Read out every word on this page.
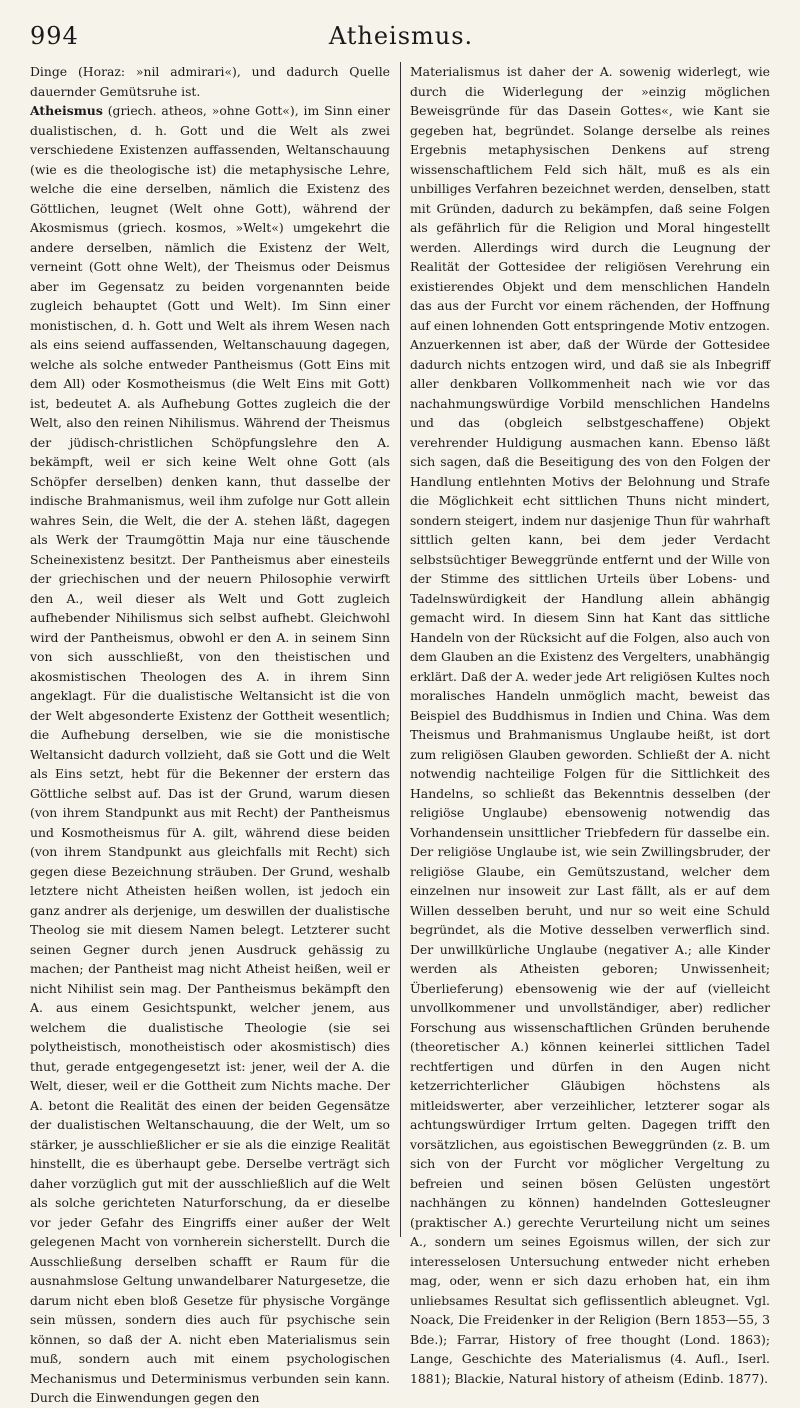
994	Atheismus.

Dinge (Horaz: »nil admirari«), und dadurch Quelle dauernder Gemütsruhe ist.

Atheismus (griech. atheos, »ohne Gott«), im Sinn einer dualistischen, d. h. Gott und die Welt als zwei verschiedene Existenzen auffassenden, Weltanschauung (wie es die theologische ist) die metaphysische Lehre, welche die eine derselben, nämlich die Existenz des Göttlichen, leugnet (Welt ohne Gott), während der Akosmismus (griech. kosmos, »Welt«) umgekehrt die andere derselben, nämlich die Existenz der Welt, verneint (Gott ohne Welt), der Theismus oder Deismus aber im Gegensatz zu beiden vorgenannten beide zugleich behauptet (Gott und Welt). Im Sinn einer monistischen, d. h. Gott und Welt als ihrem Wesen nach als eins seiend auffassenden, Weltanschauung dagegen, welche als solche entweder Pantheismus (Gott Eins mit dem All) oder Kosmotheismus (die Welt Eins mit Gott) ist, bedeutet A. als Aufhebung Gottes zugleich die der Welt, also den reinen Nihilismus. Während der Theismus der jüdisch-christlichen Schöpfungslehre den A. bekämpft, weil er sich keine Welt ohne Gott (als Schöpfer derselben) denken kann, thut dasselbe der indische Brahmanismus, weil ihm zufolge nur Gott allein wahres Sein, die Welt, die der A. stehen läßt, dagegen als Werk der Traumgöttin Maja nur eine täuschende Scheinexistenz besitzt. Der Pantheismus aber einesteils der griechischen und der neuern Philosophie verwirft den A., weil dieser als Welt und Gott zugleich aufhebender Nihilismus sich selbst aufhebt. Gleichwohl wird der Pantheismus, obwohl er den A. in seinem Sinn von sich ausschließt, von den theistischen und akosmistischen Theologen des A. in ihrem Sinn angeklagt. Für die dualistische Weltansicht ist die von der Welt abgesonderte Existenz der Gottheit wesentlich; die Aufhebung derselben, wie sie die monistische Weltansicht dadurch vollzieht, daß sie Gott und die Welt als Eins setzt, hebt für die Bekenner der erstern das Göttliche selbst auf. Das ist der Grund, warum diesen (von ihrem Standpunkt aus mit Recht) der Pantheismus und Kosmotheismus für A. gilt, während diese beiden (von ihrem Standpunkt aus gleichfalls mit Recht) sich gegen diese Bezeichnung sträuben. Der Grund, weshalb letztere nicht Atheisten heißen wollen, ist jedoch ein ganz andrer als derjenige, um deswillen der dualistische Theolog sie mit diesem Namen belegt. Letzterer sucht seinen Gegner durch jenen Ausdruck gehässig zu machen; der Pantheist mag nicht Atheist heißen, weil er nicht Nihilist sein mag. Der Pantheismus bekämpft den A. aus einem Gesichtspunkt, welcher jenem, aus welchem die dualistische Theologie (sie sei polytheistisch, monotheistisch oder akosmistisch) dies thut, gerade entgegengesetzt ist: jener, weil der A. die Welt, dieser, weil er die Gottheit zum Nichts mache. Der A. betont die Realität des einen der beiden Gegensätze der dualistischen Weltanschauung, die der Welt, um so stärker, je ausschließlicher er sie als die einzige Realität hinstellt, die es überhaupt gebe. Derselbe verträgt sich daher vorzüglich gut mit der ausschließlich auf die Welt als solche gerichteten Naturforschung, da er dieselbe vor jeder Gefahr des Eingriffs einer außer der Welt gelegenen Macht von vornherein sicherstellt. Durch die Ausschließung derselben schafft er Raum für die ausnahmslose Geltung unwandelbarer Naturgesetze, die darum nicht eben bloß Gesetze für physische Vorgänge sein müssen, sondern dies auch für psychische sein können, so daß der A. nicht eben Materialismus sein muß, sondern auch mit einem psychologischen Mechanismus und Determinismus verbunden sein kann. Durch die Einwendungen gegen den

Materialismus ist daher der A. sowenig widerlegt, wie durch die Widerlegung der »einzig möglichen Beweisgründe für das Dasein Gottes«, wie Kant sie gegeben hat, begründet. Solange derselbe als reines Ergebnis metaphysischen Denkens auf streng wissenschaftlichem Feld sich hält, muß es als ein unbilliges Verfahren bezeichnet werden, denselben, statt mit Gründen, dadurch zu bekämpfen, daß seine Folgen als gefährlich für die Religion und Moral hingestellt werden. Allerdings wird durch die Leugnung der Realität der Gottesidee der religiösen Verehrung ein existierendes Objekt und dem menschlichen Handeln das aus der Furcht vor einem rächenden, der Hoffnung auf einen lohnenden Gott entspringende Motiv entzogen. Anzuerkennen ist aber, daß der Würde der Gottesidee dadurch nichts entzogen wird, und daß sie als Inbegriff aller denkbaren Vollkommenheit nach wie vor das nachahmungswürdige Vorbild menschlichen Handelns und das (obgleich selbstgeschaffene) Objekt verehrender Huldigung ausmachen kann. Ebenso läßt sich sagen, daß die Beseitigung des von den Folgen der Handlung entlehnten Motivs der Belohnung und Strafe die Möglichkeit echt sittlichen Thuns nicht mindert, sondern steigert, indem nur dasjenige Thun für wahrhaft sittlich gelten kann, bei dem jeder Verdacht selbstsüchtiger Beweggründe entfernt und der Wille von der Stimme des sittlichen Urteils über Lobens- und Tadelnswürdigkeit der Handlung allein abhängig gemacht wird. In diesem Sinn hat Kant das sittliche Handeln von der Rücksicht auf die Folgen, also auch von dem Glauben an die Existenz des Vergelters, unabhängig erklärt. Daß der A. weder jede Art religiösen Kultes noch moralisches Handeln unmöglich macht, beweist das Beispiel des Buddhismus in Indien und China. Was dem Theismus und Brahmanismus Unglaube heißt, ist dort zum religiösen Glauben geworden. Schließt der A. nicht notwendig nachteilige Folgen für die Sittlichkeit des Handelns, so schließt das Bekenntnis desselben (der religiöse Unglaube) ebensowenig notwendig das Vorhandensein unsittlicher Triebfedern für dasselbe ein. Der religiöse Unglaube ist, wie sein Zwillingsbruder, der religiöse Glaube, ein Gemütszustand, welcher dem einzelnen nur insoweit zur Last fällt, als er auf dem Willen desselben beruht, und nur so weit eine Schuld begründet, als die Motive desselben verwerflich sind. Der unwillkürliche Unglaube (negativer A.; alle Kinder werden als Atheisten geboren; Unwissenheit; Überlieferung) ebensowenig wie der auf (vielleicht unvollkommener und unvollständiger, aber) redlicher Forschung aus wissenschaftlichen Gründen beruhende (theoretischer A.) können keinerlei sittlichen Tadel rechtfertigen und dürfen in den Augen nicht ketzerrichterlicher Gläubigen höchstens als mitleidswerter, aber verzeihlicher, letzterer sogar als achtungswürdiger Irrtum gelten. Dagegen trifft den vorsätzlichen, aus egoistischen Beweggründen (z. B. um sich von der Furcht vor möglicher Vergeltung zu befreien und seinen bösen Gelüsten ungestört nachhängen zu können) handelnden Gottesleugner (praktischer A.) gerechte Verurteilung nicht um seines A., sondern um seines Egoismus willen, der sich zur interesselosen Untersuchung entweder nicht erheben mag, oder, wenn er sich dazu erhoben hat, ein ihm unliebsames Resultat sich geflissentlich ableugnet. Vgl. Noack, Die Freidenker in der Religion (Bern 1853—55, 3 Bde.); Farrar, History of free thought (Lond. 1863); Lange, Geschichte des Materialismus (4. Aufl., Iserl. 1881); Blackie, Natural history of atheism (Edinb. 1877).
